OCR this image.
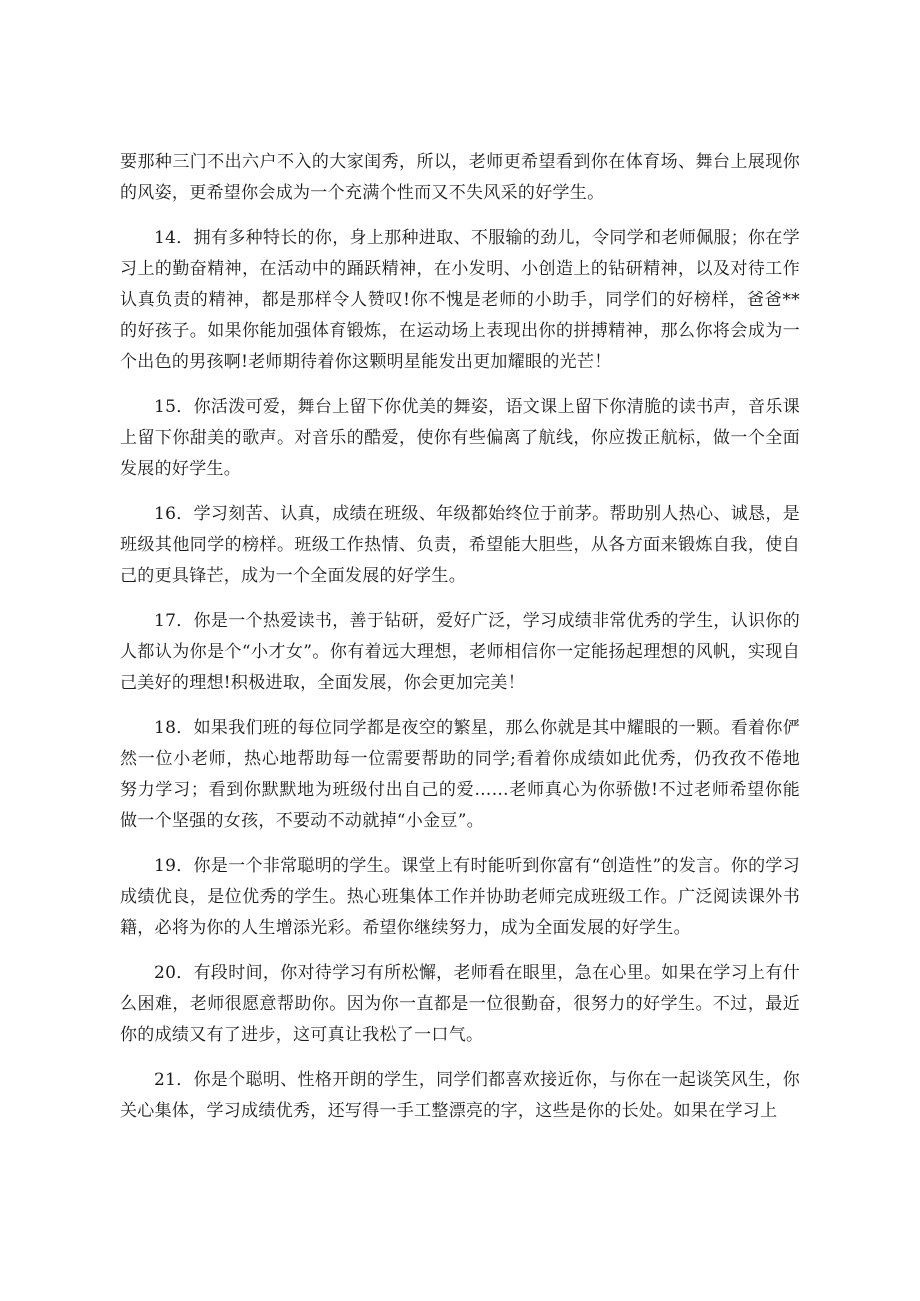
要那种三门不出六户不入的大家闺秀，所以，老师更希望看到你在体育场、舞台上展现你的风姿，更希望你会成为一个充满个性而又不失风采的好学生。

14．拥有多种特长的你，身上那种进取、不服输的劲儿，令同学和老师佩服；你在学习上的勤奋精神，在活动中的踊跃精神，在小发明、小创造上的钻研精神，以及对待工作认真负责的精神，都是那样令人赞叹!你不愧是老师的小助手，同学们的好榜样，爸爸**的好孩子。如果你能加强体育锻炼，在运动场上表现出你的拼搏精神，那么你将会成为一个出色的男孩啊!老师期待着你这颗明星能发出更加耀眼的光芒！

15．你活泼可爱，舞台上留下你优美的舞姿，语文课上留下你清脆的读书声，音乐课上留下你甜美的歌声。对音乐的酷爱，使你有些偏离了航线，你应拨正航标，做一个全面发展的好学生。

16．学习刻苦、认真，成绩在班级、年级都始终位于前茅。帮助别人热心、诚恳，是班级其他同学的榜样。班级工作热情、负责，希望能大胆些，从各方面来锻炼自我，使自己的更具锋芒，成为一个全面发展的好学生。

17．你是一个热爱读书，善于钻研，爱好广泛，学习成绩非常优秀的学生，认识你的人都认为你是个“小才女”。你有着远大理想，老师相信你一定能扬起理想的风帆，实现自己美好的理想!积极进取，全面发展，你会更加完美！

18．如果我们班的每位同学都是夜空的繁星，那么你就是其中耀眼的一颗。看着你俨然一位小老师，热心地帮助每一位需要帮助的同学;看着你成绩如此优秀，仍孜孜不倦地努力学习；看到你默默地为班级付出自己的爱……老师真心为你骄傲!不过老师希望你能做一个坚强的女孩，不要动不动就掉“小金豆”。

19．你是一个非常聪明的学生。课堂上有时能听到你富有“创造性”的发言。你的学习成绩优良，是位优秀的学生。热心班集体工作并协助老师完成班级工作。广泛阅读课外书籍，必将为你的人生增添光彩。希望你继续努力，成为全面发展的好学生。

20．有段时间，你对待学习有所松懈，老师看在眼里，急在心里。如果在学习上有什么困难，老师很愿意帮助你。因为你一直都是一位很勤奋，很努力的好学生。不过，最近你的成绩又有了进步，这可真让我松了一口气。

21．你是个聪明、性格开朗的学生，同学们都喜欢接近你，与你在一起谈笑风生，你关心集体，学习成绩优秀，还写得一手工整漂亮的字，这些是你的长处。如果在学习上
